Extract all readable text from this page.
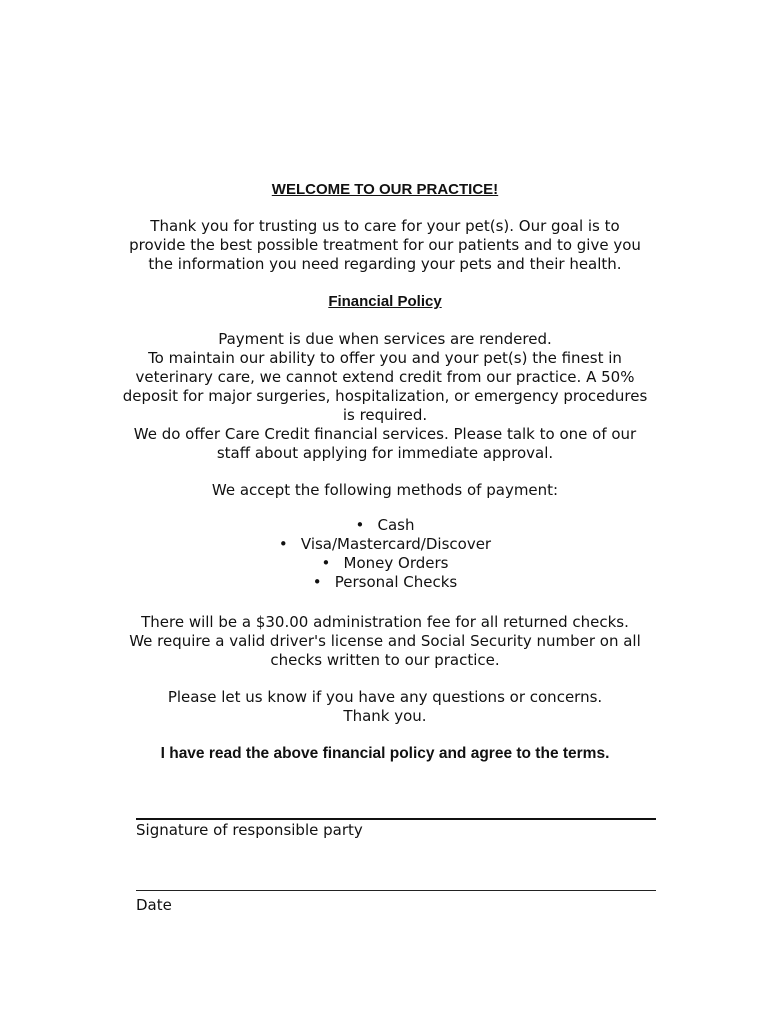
WELCOME TO OUR PRACTICE!
Thank you for trusting us to care for your pet(s). Our goal is to
provide the best possible treatment for our patients and to give you
the information you need regarding your pets and their health.
Financial Policy
Payment is due when services are rendered.
To maintain our ability to offer you and your pet(s) the finest in
veterinary care, we cannot extend credit from our practice. A 50%
deposit for major surgeries, hospitalization, or emergency procedures
is required.
We do offer Care Credit financial services. Please talk to one of our
staff about applying for immediate approval.
We accept the following methods of payment:
• Cash
• Visa/Mastercard/Discover
• Money Orders
• Personal Checks
There will be a $30.00 administration fee for all returned checks.
We require a valid driver's license and Social Security number on all
checks written to our practice.
Please let us know if you have any questions or concerns.
Thank you.
I have read the above financial policy and agree to the terms.
Signature of responsible party
Date
